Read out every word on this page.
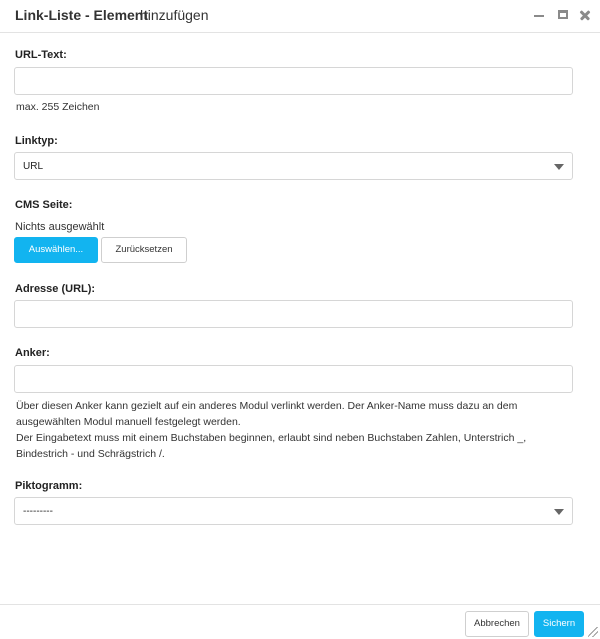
Link-Liste - Element
hinzufügen
URL-Text:
max. 255 Zeichen
Linktyp:
URL
CMS Seite:
Nichts ausgewählt
Auswählen...	Zurücksetzen
Adresse (URL):
Anker:
Über diesen Anker kann gezielt auf ein anderes Modul verlinkt werden. Der Anker-Name muss dazu an dem
ausgewählten Modul manuell festgelegt werden.
Der Eingabetext muss mit einem Buchstaben beginnen, erlaubt sind neben Buchstaben Zahlen, Unterstrich _,
Bindestrich - und Schrägstrich /.
Piktogramm:
---------
Abbrechen	Sichern
